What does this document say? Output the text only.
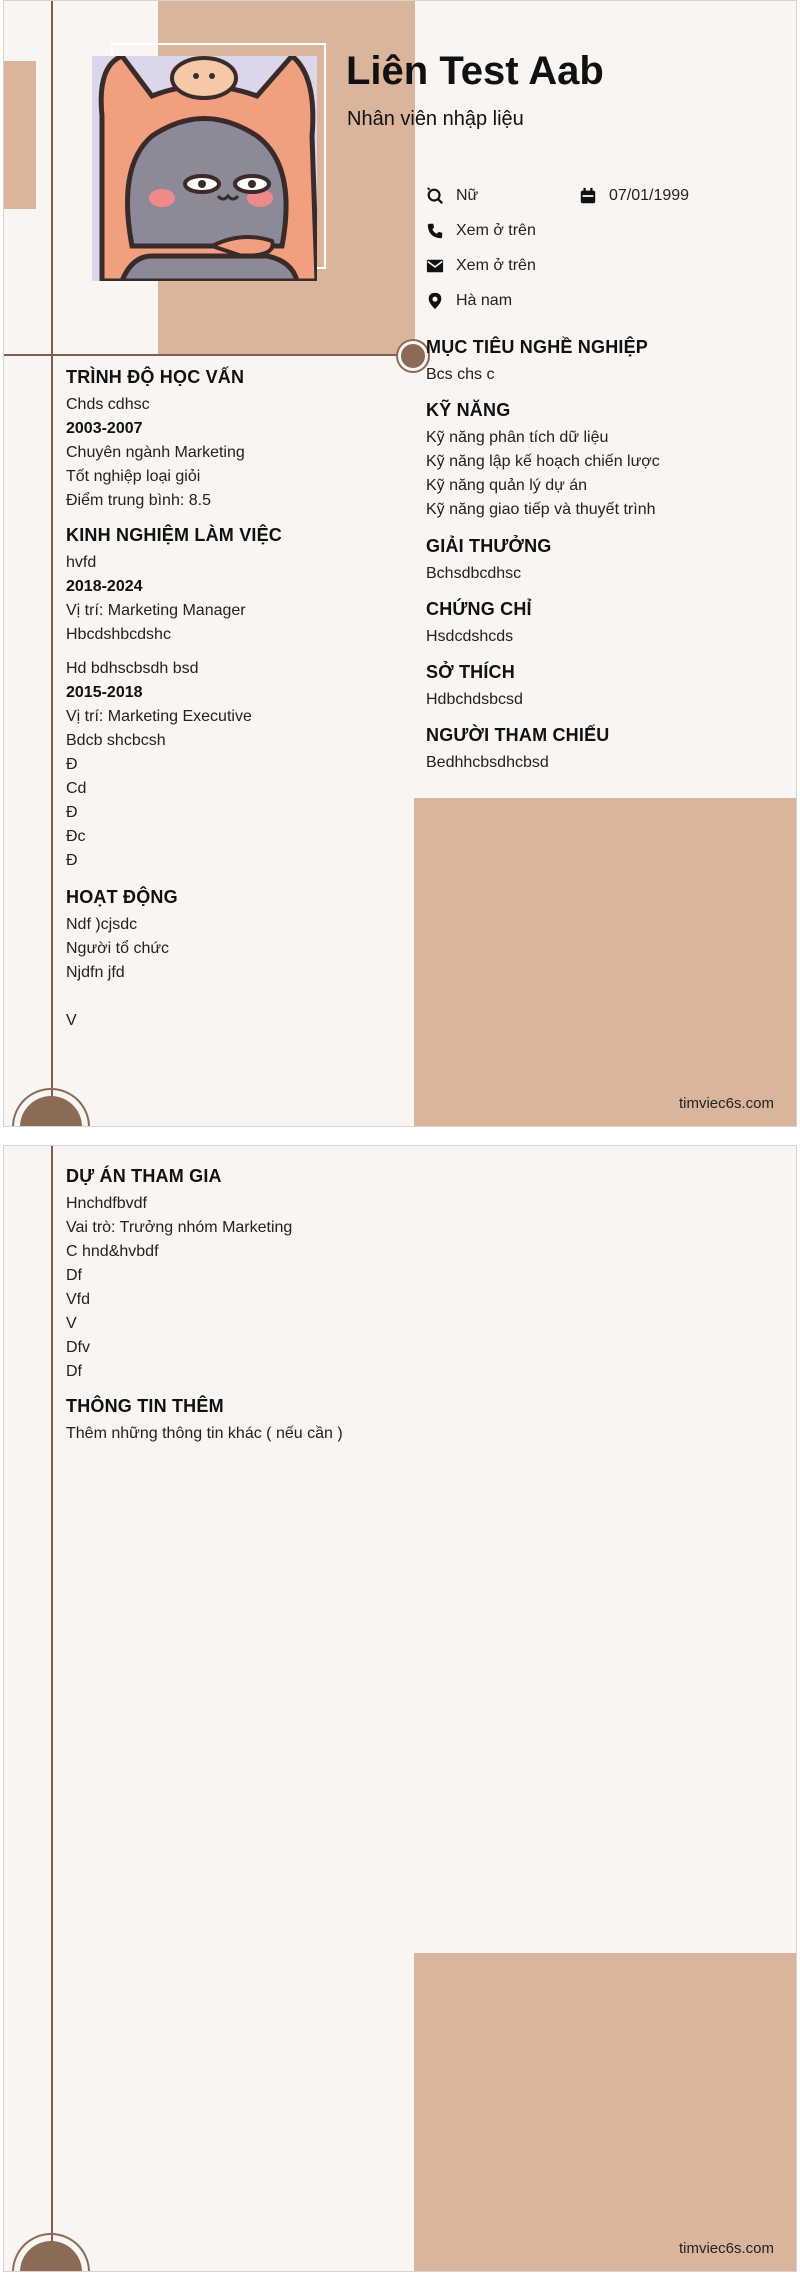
Liên Test Aab
Nhân viên nhập liệu
Nữ	07/01/1999
Xem ở trên
Xem ở trên
Hà nam
TRÌNH ĐỘ HỌC VẤN
Chds cdhsc
2003-2007
Chuyên ngành Marketing
Tốt nghiệp loại giỏi
Điểm trung bình: 8.5
KINH NGHIỆM LÀM VIỆC
hvfd
2018-2024
Vị trí: Marketing Manager
Hbcdshbcdshc
Hd bdhscbsdh bsd
2015-2018
Vị trí: Marketing Executive
Bdcb shcbcsh
Đ
Cd
Đ
Đc
Đ
HOẠT ĐỘNG
Ndf )cjsdc
Người tổ chức
Njdfn jfd
V
MỤC TIÊU NGHỀ NGHIỆP
Bcs chs c
KỸ NĂNG
Kỹ năng phân tích dữ liệu
Kỹ năng lập kế hoạch chiến lược
Kỹ năng quản lý dự án
Kỹ năng giao tiếp và thuyết trình
GIẢI THƯỞNG
Bchsdbcdhsc
CHỨNG CHỈ
Hsdcdshcds
SỞ THÍCH
Hdbchdsbcsd
NGƯỜI THAM CHIẾU
Bedhhcbsdhcbsd
timviec6s.com
DỰ ÁN THAM GIA
Hnchdfbvdf
Vai trò: Trưởng nhóm Marketing
C hnd&hvbdf
Df
Vfd
V
Dfv
Df
THÔNG TIN THÊM
Thêm những thông tin khác ( nếu cần )
timviec6s.com
